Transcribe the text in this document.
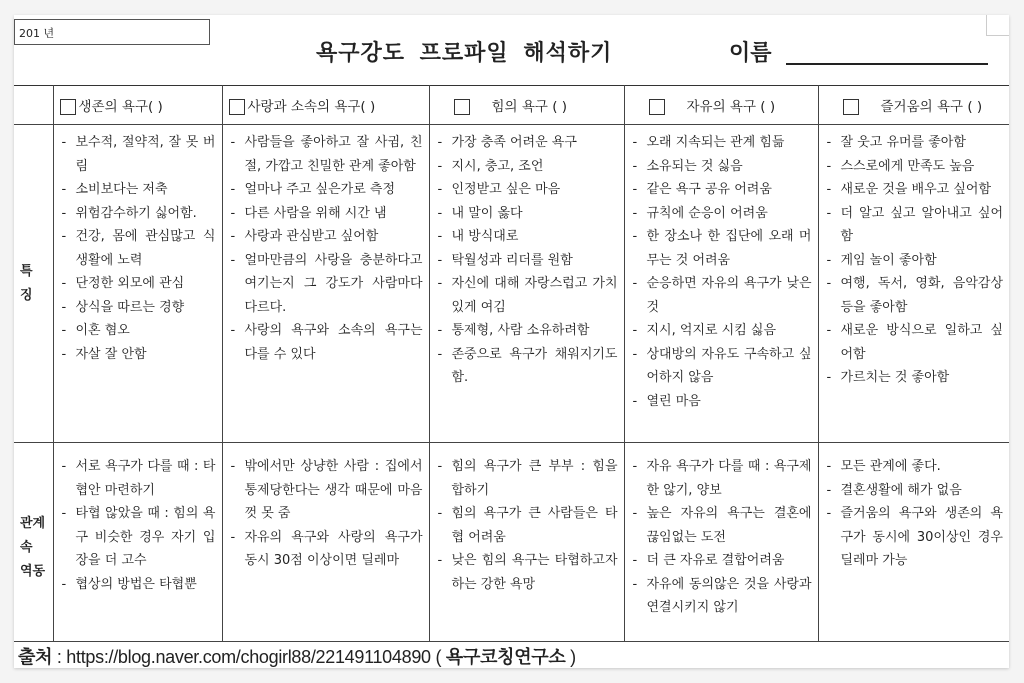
201 년
욕구강도 프로파일 해석하기	이름
	생존의 욕구( )	사랑과 소속의 욕구( )	힘의 욕구 ( )	자유의 욕구 ( )	즐거움의 욕구 ( )

특
징

- 보수적, 절약적, 잘 못 버림
- 소비보다는 저축
- 위험감수하기 싫어함.
- 건강, 몸에 관심많고 식생활에 노력
- 단정한 외모에 관심
- 상식을 따르는 경향
- 이혼 혐오
- 자살 잘 안함

- 사람들을 좋아하고 잘 사귐, 친절, 가깝고 친밀한 관계 좋아함
- 얼마나 주고 싶은가로 측정
- 다른 사람을 위해 시간 냄
- 사랑과 관심받고 싶어함
- 얼마만큼의 사랑을 충분하다고 여기는지 그 강도가 사람마다 다르다.
- 사랑의 욕구와 소속의 욕구는 다를 수 있다

- 가장 충족 어려운 욕구
- 지시, 충고, 조언
- 인정받고 싶은 마음
- 내 말이 옳다
- 내 방식대로
- 탁월성과 리더를 원함
- 자신에 대해 자랑스럽고 가치있게 여김
- 통제형, 사람 소유하려함
- 존중으로 욕구가 채워지기도 함.

- 오래 지속되는 관계 힘듦
- 소유되는 것 싫음
- 같은 욕구 공유 어려움
- 규칙에 순응이 어려움
- 한 장소나 한 집단에 오래 머무는 것 어려움
- 순응하면 자유의 욕구가 낮은 것
- 지시, 억지로 시킴 싫음
- 상대방의 자유도 구속하고 싶어하지 않음
- 열린 마음

- 잘 웃고 유머를 좋아함
- 스스로에게 만족도 높음
- 새로운 것을 배우고 싶어함
- 더 알고 싶고 알아내고 싶어함
- 게임 놀이 좋아함
- 여행, 독서, 영화, 음악감상 등을 좋아함
- 새로운 방식으로 일하고 싶어함
- 가르치는 것 좋아함

관계
속
역동

- 서로 욕구가 다를 때 : 타협안 마련하기
- 타협 않았을 때 : 힘의 욕구 비슷한 경우 자기 입장을 더 고수
- 협상의 방법은 타협뿐

- 밖에서만 상냥한 사람 : 집에서 통제당한다는 생각 때문에 마음껏 못 줌
- 자유의 욕구와 사랑의 욕구가 동시 30점 이상이면 딜레마

- 힘의 욕구가 큰 부부 : 힘을 합하기
- 힘의 욕구가 큰 사람들은 타협 어려움
- 낮은 힘의 욕구는 타협하고자 하는 강한 욕망

- 자유 욕구가 다를 때 : 욕구제한 않기, 양보
- 높은 자유의 욕구는 결혼에 끊임없는 도전
- 더 큰 자유로 결합어려움
- 자유에 동의않은 것을 사랑과 연결시키지 않기

- 모든 관계에 좋다.
- 결혼생활에 해가 없음
- 즐거움의 욕구와 생존의 욕구가 동시에 30이상인 경우 딜레마 가능
출처 : https://blog.naver.com/chogirl88/221491104890 ( 욕구코칭연구소 )
